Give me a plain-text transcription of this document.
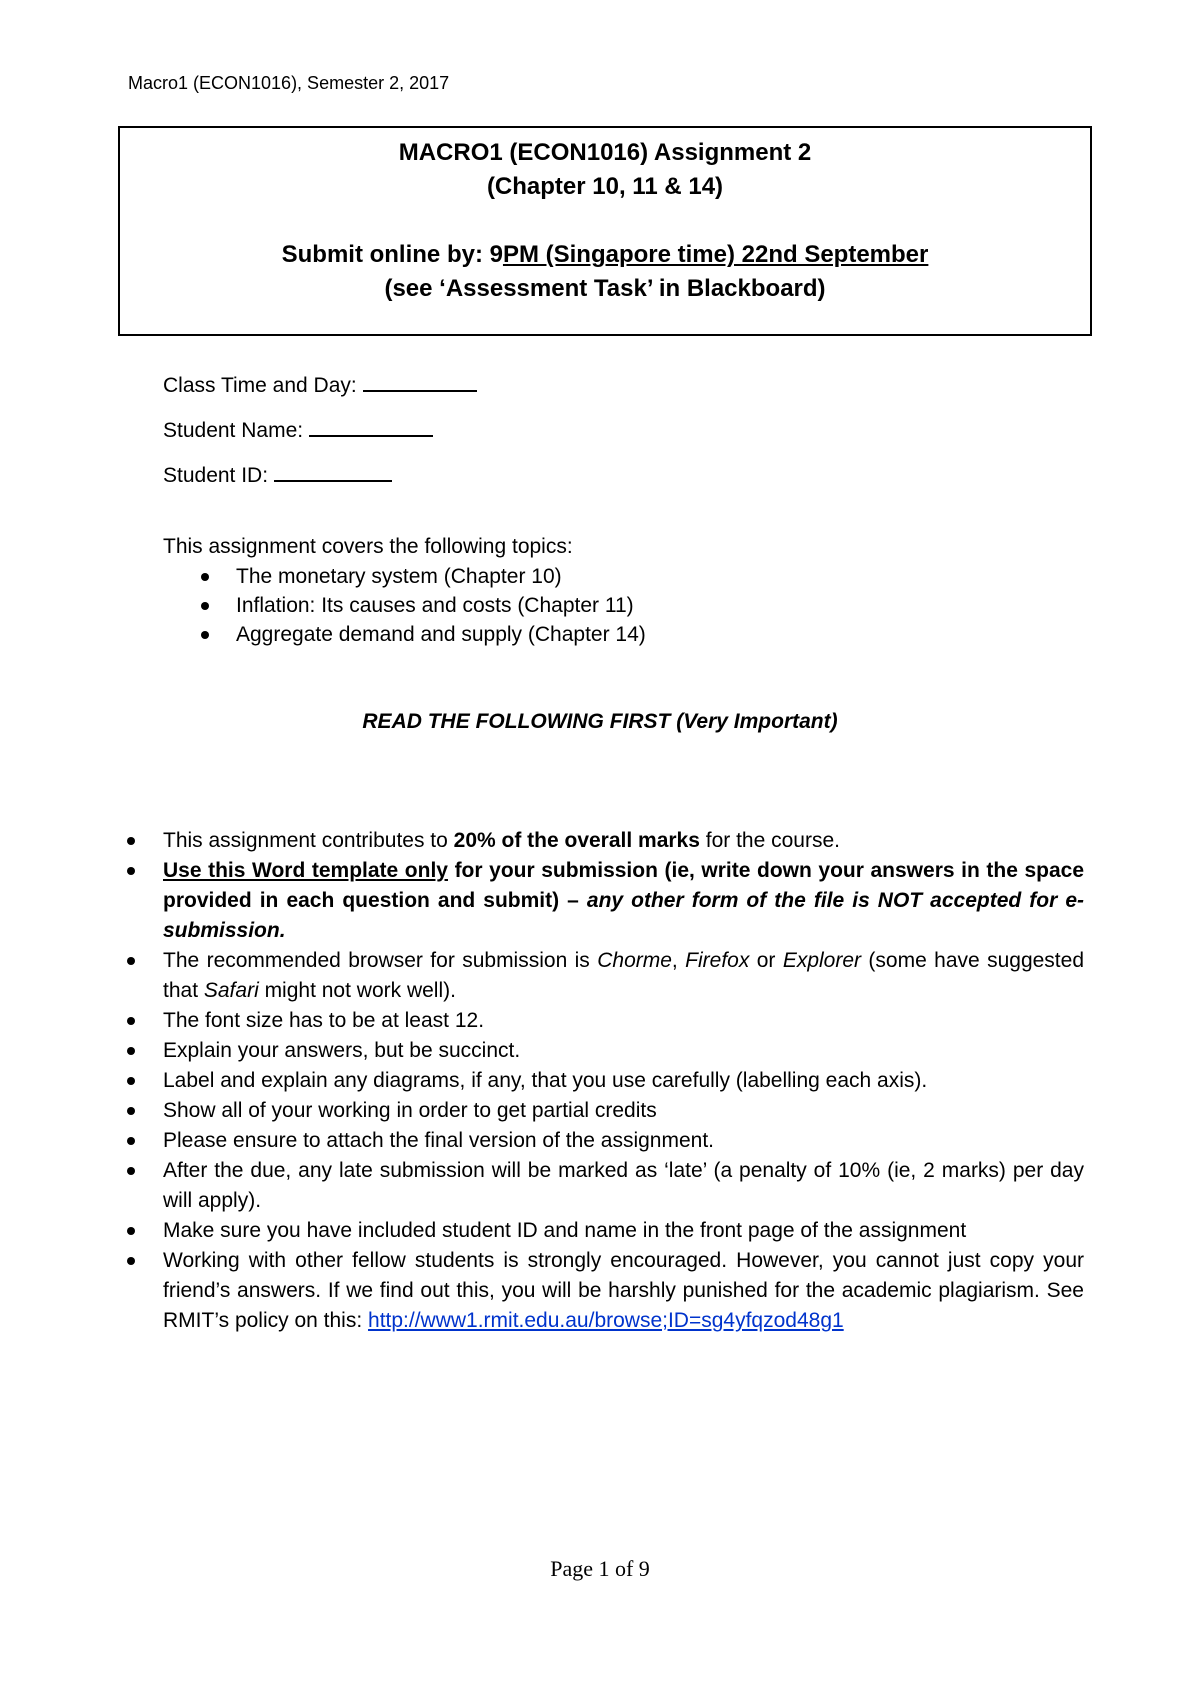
Macro1 (ECON1016), Semester 2, 2017
MACRO1 (ECON1016) Assignment 2
(Chapter 10, 11 & 14)
Submit online by: 9PM (Singapore time) 22nd September
(see ‘Assessment Task’ in Blackboard)
Class Time and Day:
Student Name:
Student ID:
This assignment covers the following topics:
The monetary system (Chapter 10)
Inflation: Its causes and costs (Chapter 11)
Aggregate demand and supply (Chapter 14)
READ THE FOLLOWING FIRST (Very Important)
This assignment contributes to 20% of the overall marks for the course.
Use this Word template only for your submission (ie, write down your answers in the space provided in each question and submit) – any other form of the file is NOT accepted for e-submission.
The recommended browser for submission is Chorme, Firefox or Explorer (some have suggested that Safari might not work well).
The font size has to be at least 12.
Explain your answers, but be succinct.
Label and explain any diagrams, if any, that you use carefully (labelling each axis).
Show all of your working in order to get partial credits
Please ensure to attach the final version of the assignment.
After the due, any late submission will be marked as ‘late’ (a penalty of 10% (ie, 2 marks) per day will apply).
Make sure you have included student ID and name in the front page of the assignment
Working with other fellow students is strongly encouraged. However, you cannot just copy your friend’s answers. If we find out this, you will be harshly punished for the academic plagiarism. See RMIT’s policy on this: http://www1.rmit.edu.au/browse;ID=sg4yfqzod48g1
Page 1 of 9
